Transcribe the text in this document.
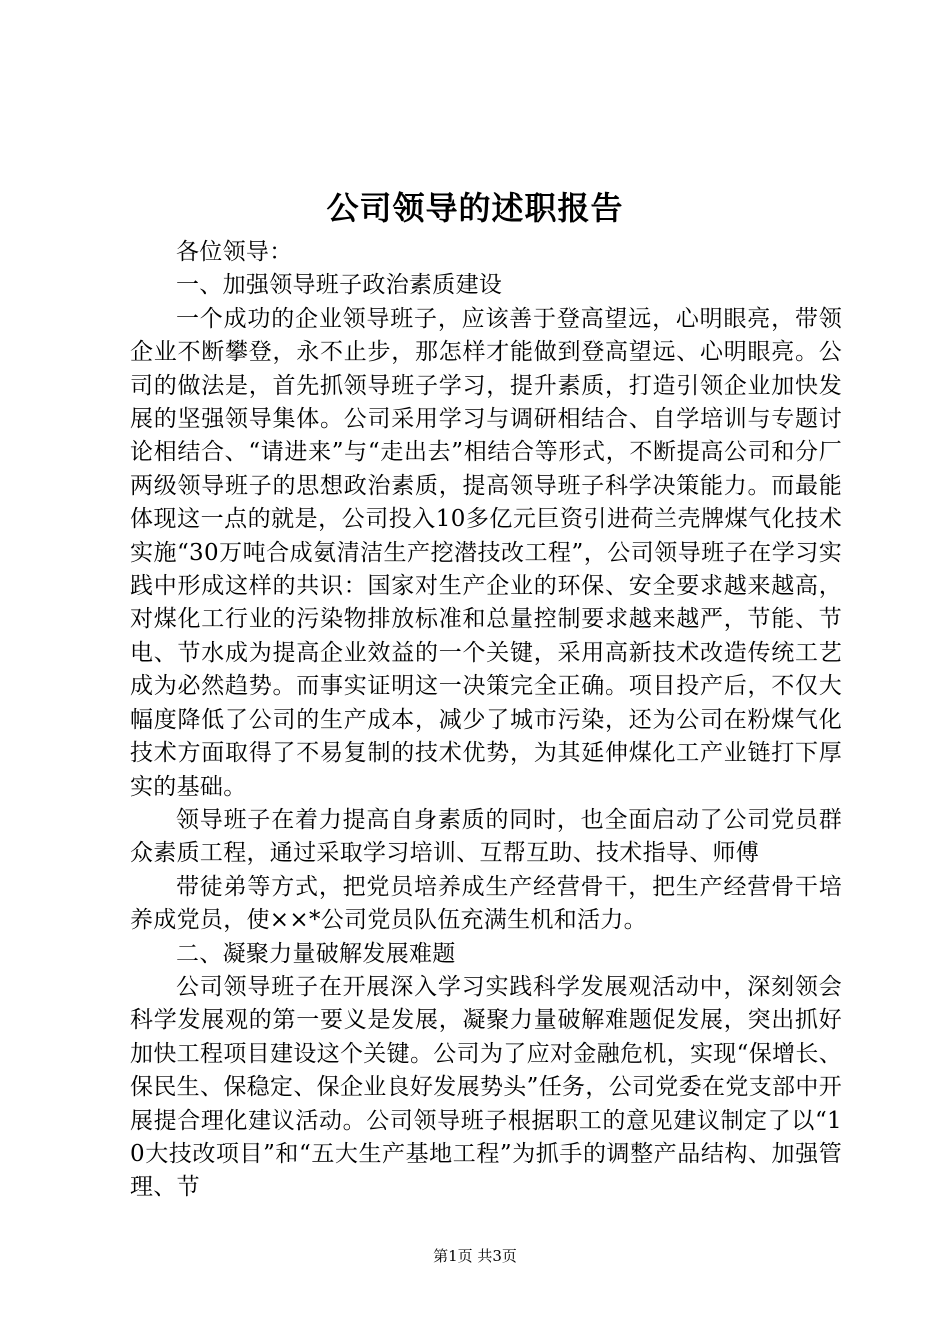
公司领导的述职报告

各位领导：

一、加强领导班子政治素质建设

一个成功的企业领导班子，应该善于登高望远，心明眼亮，带领企业不断攀登，永不止步，那怎样才能做到登高望远、心明眼亮。公司的做法是，首先抓领导班子学习，提升素质，打造引领企业加快发展的坚强领导集体。公司采用学习与调研相结合、自学培训与专题讨论相结合、“请进来”与“走出去”相结合等形式，不断提高公司和分厂两级领导班子的思想政治素质，提高领导班子科学决策能力。而最能体现这一点的就是，公司投入10多亿元巨资引进荷兰壳牌煤气化技术实施“30万吨合成氨清洁生产挖潜技改工程”，公司领导班子在学习实践中形成这样的共识：国家对生产企业的环保、安全要求越来越高，对煤化工行业的污染物排放标准和总量控制要求越来越严，节能、节电、节水成为提高企业效益的一个关键，采用高新技术改造传统工艺成为必然趋势。而事实证明这一决策完全正确。项目投产后，不仅大幅度降低了公司的生产成本，减少了城市污染，还为公司在粉煤气化技术方面取得了不易复制的技术优势，为其延伸煤化工产业链打下厚实的基础。

领导班子在着力提高自身素质的同时，也全面启动了公司党员群众素质工程，通过采取学习培训、互帮互助、技术指导、师傅

带徒弟等方式，把党员培养成生产经营骨干，把生产经营骨干培养成党员，使××*公司党员队伍充满生机和活力。

二、凝聚力量破解发展难题

公司领导班子在开展深入学习实践科学发展观活动中，深刻领会科学发展观的第一要义是发展，凝聚力量破解难题促发展，突出抓好加快工程项目建设这个关键。公司为了应对金融危机，实现“保增长、保民生、保稳定、保企业良好发展势头”任务，公司党委在党支部中开展提合理化建议活动。公司领导班子根据职工的意见建议制定了以“10大技改项目”和“五大生产基地工程”为抓手的调整产品结构、加强管理、节

第1页 共3页
